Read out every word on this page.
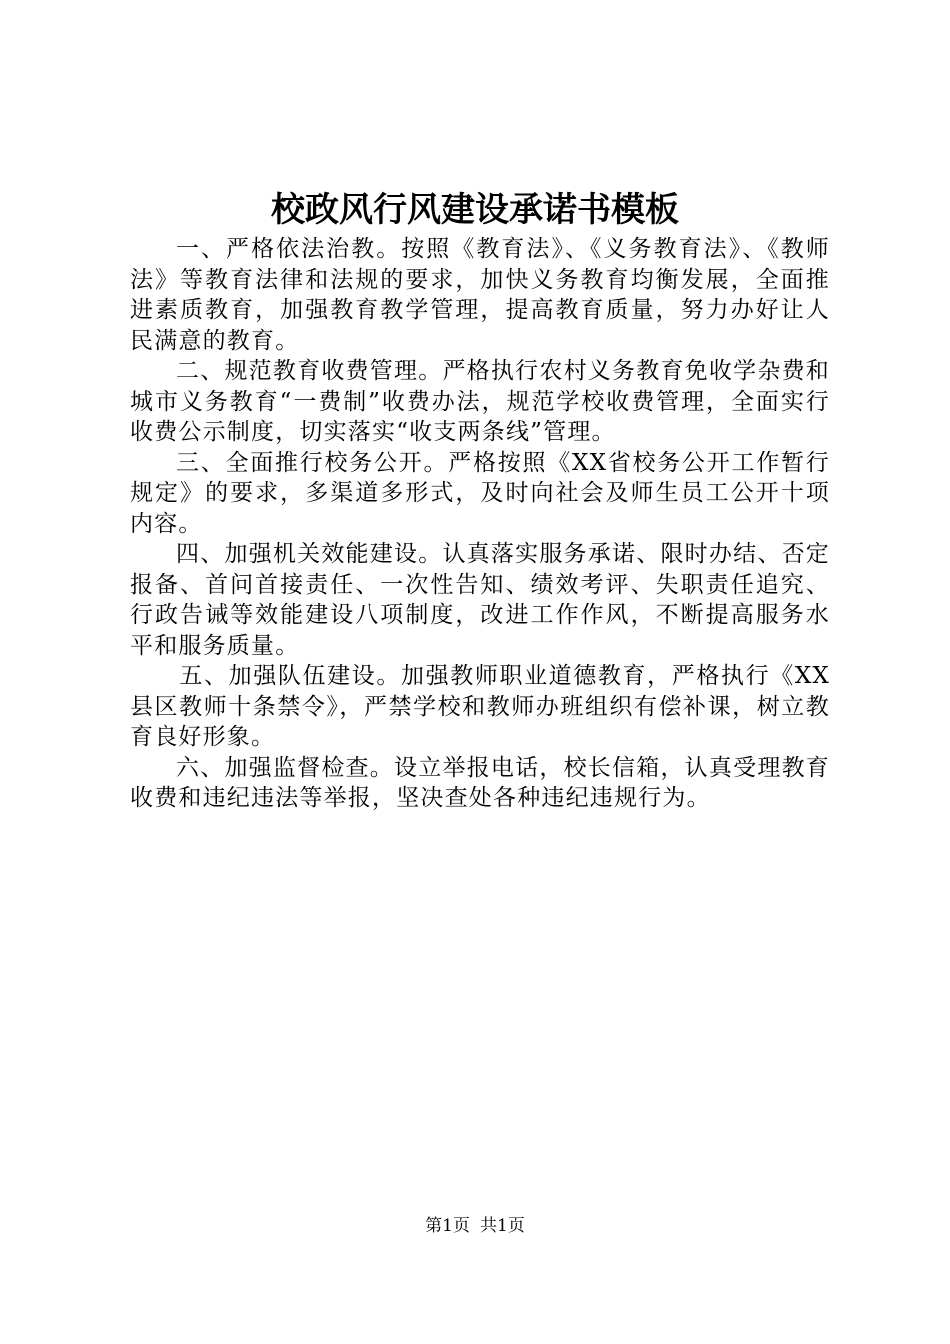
校政风行风建设承诺书模板

一、严格依法治教。按照《教育法》、《义务教育法》、《教师法》等教育法律和法规的要求，加快义务教育均衡发展，全面推进素质教育，加强教育教学管理，提高教育质量，努力办好让人民满意的教育。

二、规范教育收费管理。严格执行农村义务教育免收学杂费和城市义务教育“一费制”收费办法，规范学校收费管理，全面实行收费公示制度，切实落实“收支两条线”管理。

三、全面推行校务公开。严格按照《XX省校务公开工作暂行规定》的要求，多渠道多形式，及时向社会及师生员工公开十项内容。

四、加强机关效能建设。认真落实服务承诺、限时办结、否定报备、首问首接责任、一次性告知、绩效考评、失职责任追究、行政告诫等效能建设八项制度，改进工作作风，不断提高服务水平和服务质量。

五、加强队伍建设。加强教师职业道德教育，严格执行《XX县区教师十条禁令》，严禁学校和教师办班组织有偿补课，树立教育良好形象。

六、加强监督检查。设立举报电话，校长信箱，认真受理教育收费和违纪违法等举报，坚决查处各种违纪违规行为。

第1页 共1页
